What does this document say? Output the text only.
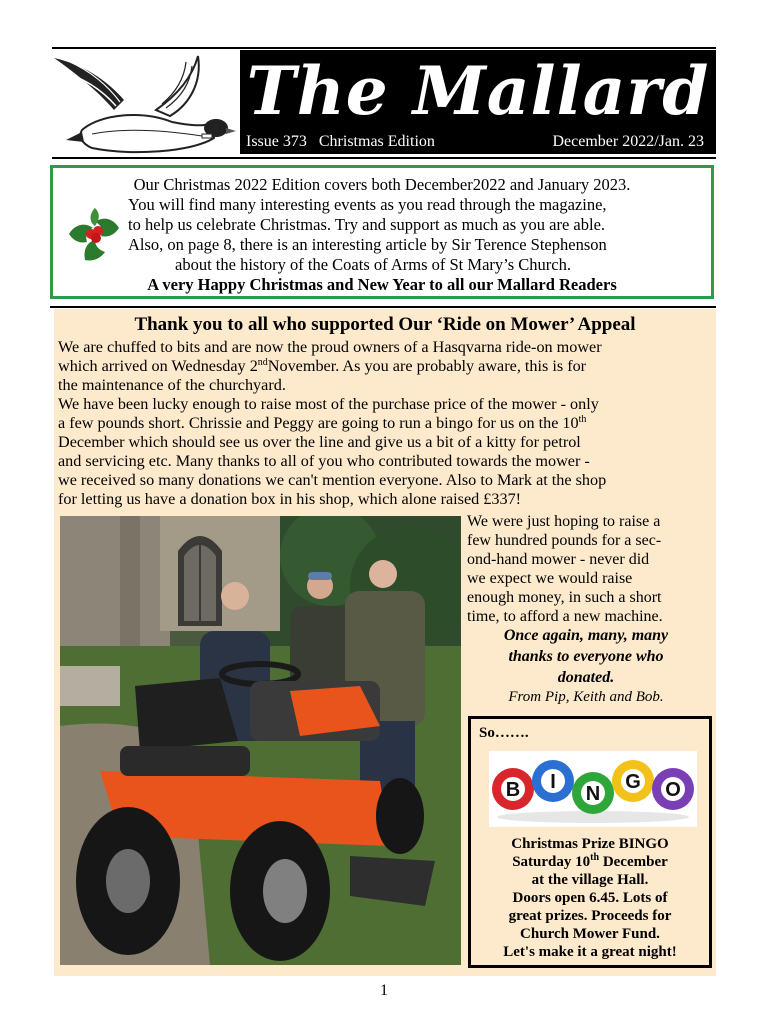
The Mallard
Issue 373   Christmas Edition	December 2022/Jan. 23
Our Christmas 2022 Edition covers both December2022 and January 2023.
You will find many interesting events as you read through the magazine,
to help us celebrate Christmas. Try and support as much as you are able.
Also, on page 8, there is an interesting article by Sir Terence Stephenson
about the history of the Coats of Arms of St Mary’s Church.
A very Happy Christmas and New Year to all our Mallard Readers
Thank you to all who supported Our ‘Ride on Mower’ Appeal
We are chuffed to bits and are now the proud owners of a Hasqvarna ride-on mower
which arrived on Wednesday 2ndNovember. As you are probably aware, this is for
the maintenance of the churchyard.
We have been lucky enough to raise most of the purchase price of the mower - only
a few pounds short. Chrissie and Peggy are going to run a bingo for us on the 10th
December which should see us over the line and give us a bit of a kitty for petrol
and servicing etc. Many thanks to all of you who contributed towards the mower -
we received so many donations we can't mention everyone. Also to Mark at the shop
for letting us have a donation box in his shop, which alone raised £337!
We were just hoping to raise a
few hundred pounds for a sec-
ond-hand mower - never did
we expect we would raise
enough money, in such a short
time, to afford a new machine.
Once again, many, many
thanks to everyone who
donated.
From Pip, Keith and Bob.
So…….
B I
N
G O
Christmas Prize BINGO
Saturday 10th December
at the village Hall.
Doors open 6.45. Lots of
great prizes. Proceeds for
Church Mower Fund.
Let's make it a great night!
1
